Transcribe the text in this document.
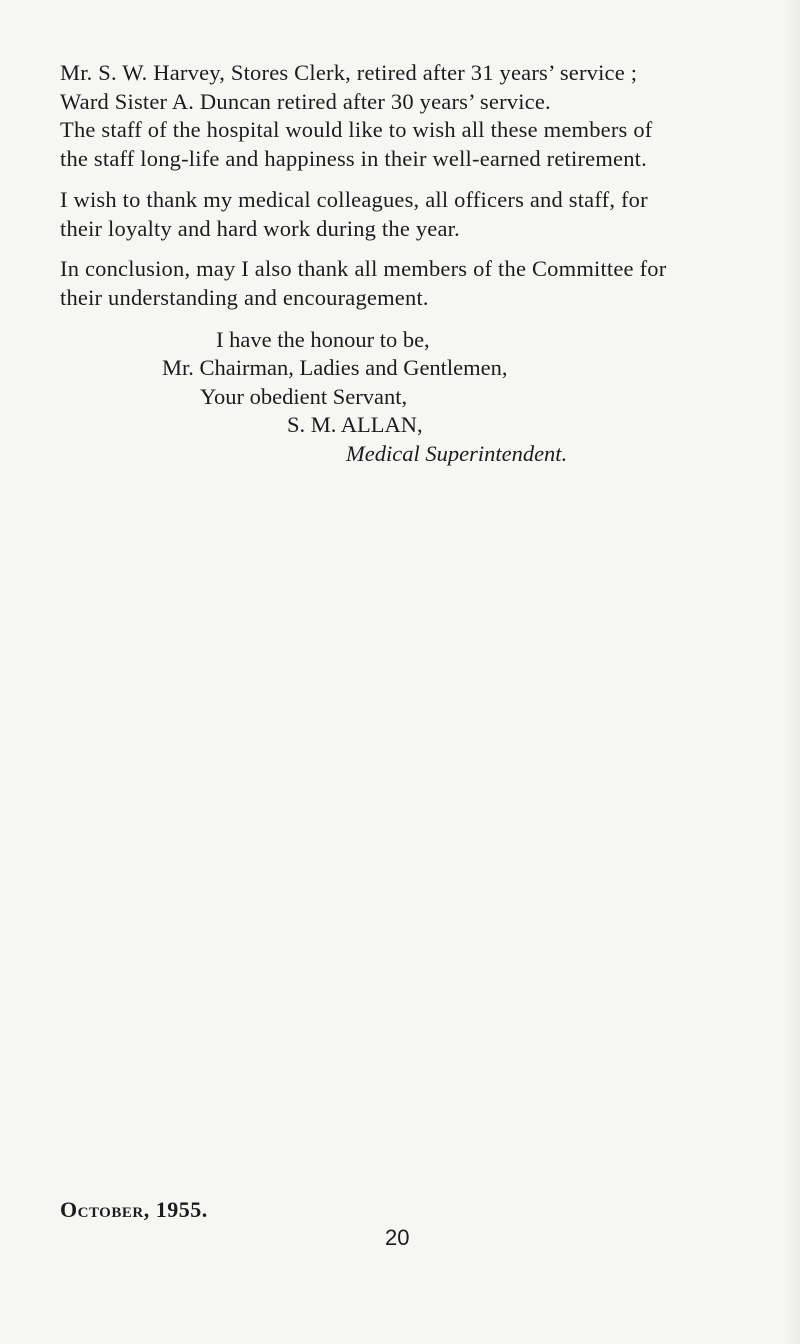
Mr. S. W. Harvey, Stores Clerk, retired after 31 years’ service ;
Ward Sister A. Duncan retired after 30 years’ service.
The staff of the hospital would like to wish all these members of
the staff long-life and happiness in their well-earned retirement.
I wish to thank my medical colleagues, all officers and staff, for
their loyalty and hard work during the year.
In conclusion, may I also thank all members of the Committee for
their understanding and encouragement.
I have the honour to be,
Mr. Chairman, Ladies and Gentlemen,
Your obedient Servant,
S. M. ALLAN,
Medical Superintendent.
October, 1955.
20
